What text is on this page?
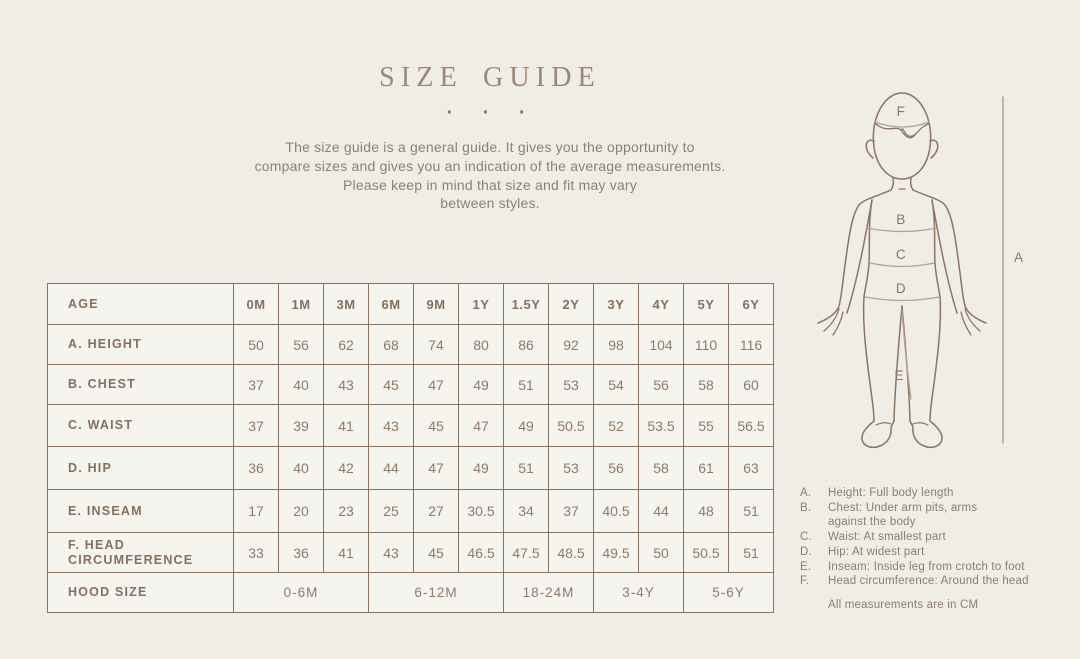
SIZE GUIDE
· · ·
The size guide is a general guide. It gives you the opportunity to
compare sizes and gives you an indication of the average measurements.
Please keep in mind that size and fit may vary
between styles.
AGE	0M	1M	3M	6M	9M	1Y	1.5Y	2Y	3Y	4Y	5Y	6Y
A. HEIGHT	50	56	62	68	74	80	86	92	98	104	110	116
B. CHEST	37	40	43	45	47	49	51	53	54	56	58	60
C. WAIST	37	39	41	43	45	47	49	50.5	52	53.5	55	56.5
D. HIP	36	40	42	44	47	49	51	53	56	58	61	63
E. INSEAM	17	20	23	25	27	30.5	34	37	40.5	44	48	51
F. HEAD CIRCUMFERENCE	33	36	41	43	45	46.5	47.5	48.5	49.5	50	50.5	51
HOOD SIZE	0-6M			6-12M			18-24M		3-4Y		5-6Y	
F
B
C
D
E
A
A.	Height: Full body length
B.	Chest: Under arm pits, arms
against the body
C.	Waist: At smallest part
D.	Hip: At widest part
E.	Inseam: Inside leg from crotch to foot
F.	Head circumference: Around the head
All measurements are in CM
